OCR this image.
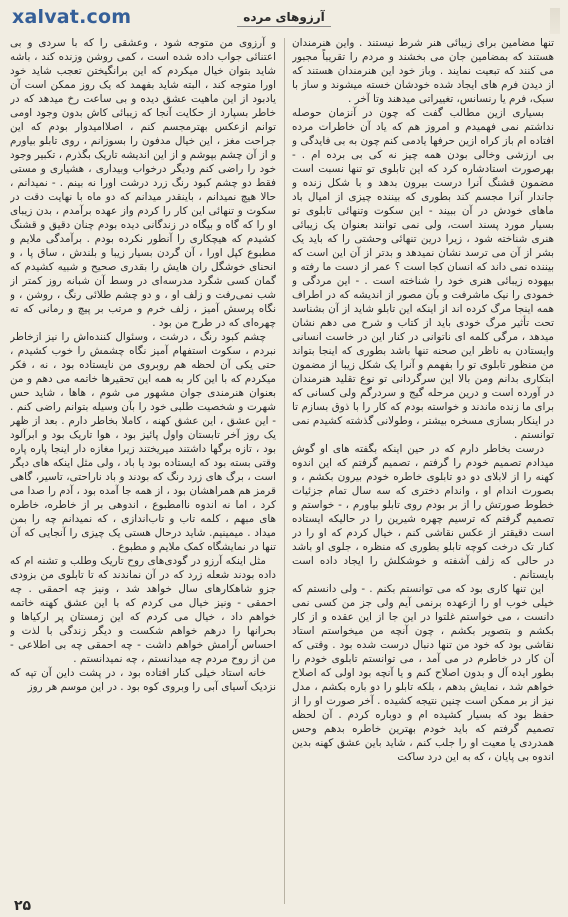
xalvat.com	آرزوهای مرده

تنها مضامین برای زیبائی هنر شرط نیستند . واین هنرمندان هستند که بمضامین جان می بخشند و مردم را تقریباً مجبور می کنند که تبعیت نمایند . وباز خود این هنرمندان هستند که از دیدن فرم های ایجاد شده خودشان خسته میشوند و ساز با سبک، فرم یا رنسانس، تغییراتی میدهند وتا آخر .

بسیاری ازین مطالب گفت که چون در آنزمان حوصله نداشتم نمی فهمیدم و امروز هم که یاد آن خاطرات مرده افتاده ام باز کراه ازین حرفها یادمی کنم چون به بی فایدگی و بی ارزشی وخالی بودن همه چیز نه کی بی برده ام . - بهرصورت استادشاره کرد که این تابلوی تو تنها نسبت است مضمون قشنگ آنرا درست بیرون بدهد و با شکل زنده و جاندار آنرا مجسم کند بطوری که بیننده چیزی از امیال باد ماهای خودش در آن ببیند - این سکوت وتنهائی تابلوی تو بسیار مورد پسند است، ولی نمی توانند بعنوان یک زیبائی هنری شناخته شود ، زیرا درین تنهائی وحشتی را که باید یک بشر از آن می ترسد نشان نمیدهد و بدتر از آن این است که بیننده نمی داند که انسان کجا است ؟ عمر از دست ما رفته و بیهوده زیبائی هنری خود را شناخته است . - این مردگی و خمودی را نیک ماشرفت و بآن مصور از اندیشه که در اطراف همه اینجا مرگ کرده اند از اینکه این تابلو شاید از آن بشناسد تحت تأثیر مرگ خودی باید از کتاب و شرح می دهم نشان میدهد ، مرگی کلمه ای ناتوانی در کنار این در خاست انسانی وایستادن به ناظر این صحنه تنها باشد بطوری که اینجا بتواند من منظور تابلوی تو را بفهمم و آنرا یک شکل زیبا از مضمون ابتکاری بدانم ومن بالا این سرگردانی تو نوع تقلید هنرمندان در آورده است و درین مرحله گیج و سردرگم ولی کسانی که برای ما زنده ماندند و خواسته بودم که کار را با ذوق بسازم تا در اینکار بسازی مسخره بیشتر ، وطولانی گذشته کشیدم نمی توانستم .

درست بخاطر دارم که در حین اینکه بگفته های او گوش میدادم تصمیم خودم را گرفتم ، تصمیم گرفتم که این اندوه کهنه را از لابلای دو دو تابلوی خاطره خودم بیرون بکشم ، و بصورت اندام او ، واندام دختری که سه سال تمام جزئیات خطوط صورتش را از بر بودم روی تابلو بیاورم ، - خواستم و تصمیم گرفتم که ترسیم چهره شیرین را در حالیکه ایستاده است دقیقتر از عکس نقاشی کنم ، خیال کردم که او را در کنار تک درخت کوچه تابلو بطوری که منظره ، جلوی او باشد در حالی که زلف آشفته و خوشکلش را ایجاد داده است بایستانم .

این تنها کاری بود که می توانستم بکنم . - ولی دانستم که خیلی خوب او را ازعهده برنمی آیم ولی جز من کسی نمی دانست ، می خواستم غلتوا در این جا از این عقده و از کار بکشم و بتصویر بکشم ، چون آنچه من میخواستم استاد نقاشی بود که خود من تنها دنبال درست شده بود . وقتی که آن کار در خاطرم در می آمد ، می توانستم تابلوی خودم را بطور ایده آل و بدون اصلاح کنم و یا آنچه بود اولی که اصلاح خواهم شد ، نمایش بدهم ، بلکه تابلو را دو باره بکشم ، مدل نیز از بر ممکن است چنین نتیجه کشیده . آخر صورت او را از حفظ بود که بسیار کشیده ام و دوباره کردم . آن لحظه تصمیم گرفتم که باید خودم بهترین خاطره بدهم وحس همدردی یا معیت او را جلب کنم ، شاید باین عشق کهنه بدین اندوه بی پایان ، که به این درد ساکت

و آرزوی من متوجه شود ، وعشقی را که با سردی و بی اعتنائی جواب داده شده است ، کمی روشن وزنده کند ، باشه شاید بتوان خیال میکردم که این برانگیختن تعجب شاید خود اورا متوجه کند ، البته شاید بفهمد که یک روز ممکن است آن یادبود از این ماهیت عشق دیده و بی ساعت رخ میدهد که در خاطر بسپارد از حکایت آنجا که زیبائی کاش بدون وجود اومی توانم ازعکس بهترمجسم کنم ، اصلاامیدوار بودم که این جراحت مغز ، این خیال مدفون را بسوزانم ، روی تابلو بیاورم و از آن چشم بپوشم و از این اندیشه تاریک بگذرم ، تکبیر وجود خود را راضی کنم ودیگر درخواب وبیداری ، هشیاری و مستی فقط دو چشم کبود رنگ زرد درشت اورا نه بینم . - نمیدانم ، حالا هیچ نمیدانم ، باینقدر میدانم که دو ماه با نهایت دقت در سکوت و تنهائی این کار را کردم واز عهده برآمدم ، بدن زیبای او را که گاه و بیگاه در زندگانی دیده بودم چنان دقیق و قشنگ کشیدم که هیچکاری را آنطور نکرده بودم . برآمدگی ملایم و مطبوع کپل اورا ، آن گردن بسیار زیبا و بلندش ، ساق پا ، و انحنای خوشگل ران هایش را بقدری صحیح و شبیه کشیدم که گمان کسی شگرد مدرسه‌ای در وسط آن شبانه روز کمتر از شب نمی‌رفت و زلف او ، و دو چشم طلائی رنگ ، روشن ، و نگاه پرسش آمیز ، زلف خرم و مرتب بر پیچ و رمانی که ته چهره‌ای که در طرح من بود .

چشم کبود رنگ ، درشت ، وسئوال کننده‌اش را نیز ازخاطر نبردم ، سکوت استفهام آمیز نگاه چشمش را خوب کشیدم ، حتی یکی آن لحظه هم روبروی من نایستاده بود ، نه ، فکر میکردم که با این کار به همه این تحقیرها خاتمه می دهم و من بعنوان هنرمندی جوان مشهور می شوم ، هاها ، شاید حس شهرت و شخصیت طلبی خود را بآن وسیله بتوانم راضی کنم . - این عشق ، این عشق کهنه ، کاملا بخاطر دارم . بعد از ظهر یک روز آخر تابستان واول پائیز بود ، هوا تاریک بود و ابرآلود بود ، تازه برگها داشتند میریختند زیرا مغازه دار اینجا پاره پاره وقتی بسته بود که ایستاده بود یا باد ، ولی مثل اینکه های دیگر است ، برگ های زرد رنگ که بودند و باد ناراحتی، تاسیر، گاهی قرمز هم همراهشان بود ، از همه جا آمده بود ، آدم را صدا می کرد ، اما نه اندوه ناامطبوع ، اندوهی بر از خاطره، خاطره های مبهم ، کلمه تاب و تاب‌اندازی ، که نمیدانم چه را بمن میداد . میمینیم. شاید درحال هستی یک چیزی را آنجایی که آن تنها در نمایشگاه کمک ملایم و مطبوع .

مثل اینکه آرزو در گودی‌های روح تاریک وطلب و تشنه ام که داده بودند شعله زرد که در آن نماندند که تا تابلوی من بزودی جزو شاهکارهای سال خواهد شد ، ونیز چه احمقی . چه احمقی - ونیز خیال می کردم که با این عشق کهنه خاتمه خواهم داد ، خیال می کردم که این زمستان پر ارکیاها و بحرانها را درهم خواهم شکست و دیگر زندگی با لذت و احساس آرامش خواهم داشت - چه احمقی چه بی اطلاعی - من از روح مردم چه میدانستم ، چه نمیدانستم .

خانه استاد خیلی کنار افتاده بود ، در پشت داین آن تپه که نزدیک آسیای آبی را وبروی کوه بود . در این موسم هر روز

۲۵
